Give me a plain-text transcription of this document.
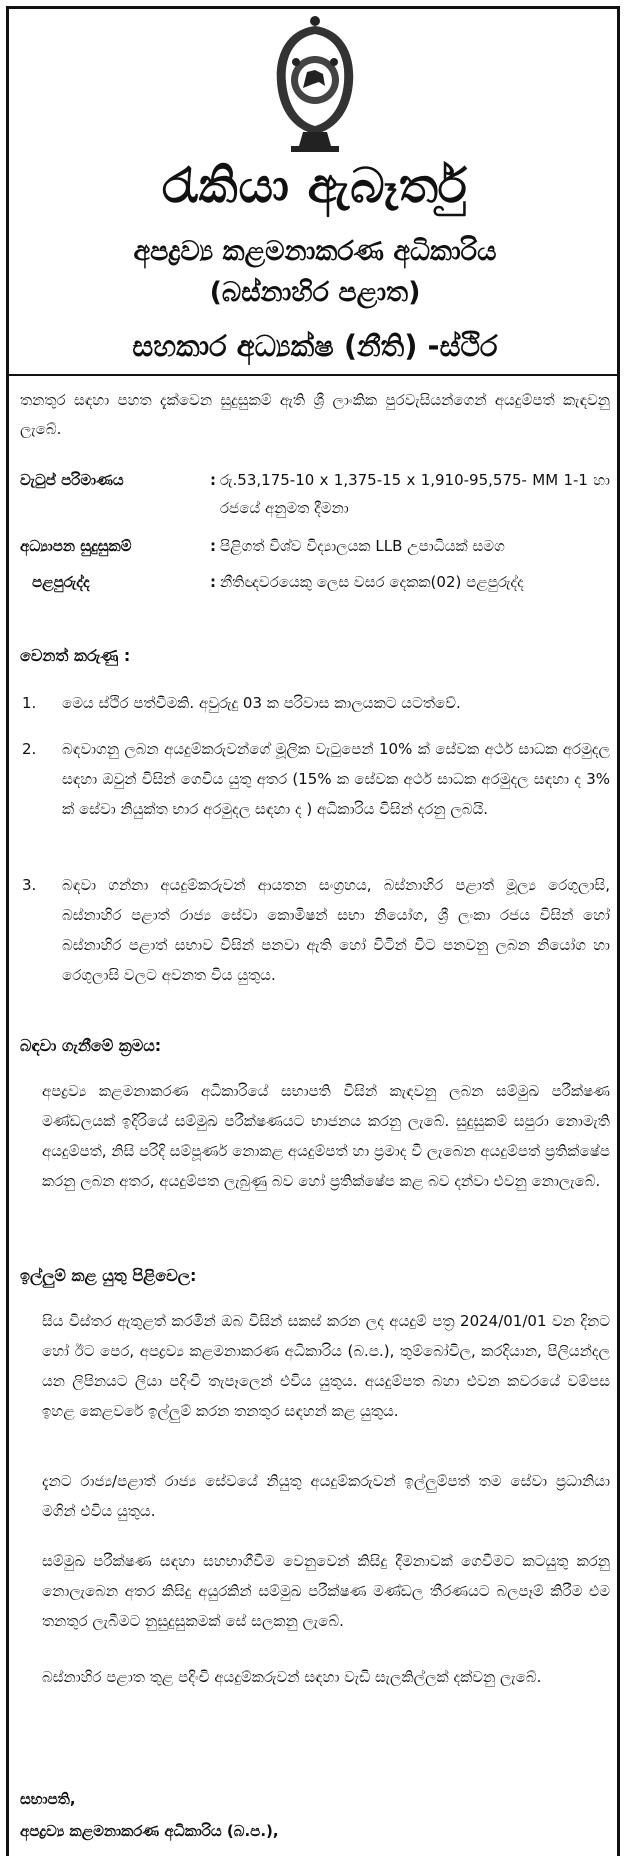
රැකියා ඇබෑර්තු
අපද්‍රව්‍ය කළමනාකරණ අධිකාරිය
(බස්නාහිර පළාත)
සහකාර අධ්‍යක්ෂ (නීති) -ස්ථිර
තනතුර සඳහා පහත දැක්වෙන සුදුසුකම් ඇති ශ්‍රී ලාංකික පුරවැසියන්ගෙන් අයදුම්පත් කැඳවනු ලැබේ.
වැටුප් පරිමාණය	: රු.53,175-10 x 1,375-15 x 1,910-95,575- MM 1-1 හා රජයේ අනුමත දීමනා
අධ්‍යාපන සුදුසුකම්	: පිළිගත් විශ්ව විද්‍යාලයක LLB උපාධියක් සමග
පළපුරුද්ද	: නීතිඥවරයෙකු ලෙස වසර දෙකක(02) පළපුරුද්ද
වෙනත් කරුණු :
1. මෙය ස්ථිර පත්වීමකි. අවුරුදු 03 ක පරිවාස කාලයකට යටත්වේ.
2. බඳවාගනු ලබන අයදුම්කරුවන්ගේ මූලික වැටුපෙන් 10% ක් සේවක අර්ථ සාධක අරමුදල සඳහා ඔවුන් විසින් ගෙවිය යුතු අතර (15% ක සේවක අර්ථ සාධක අරමුදල සඳහා ද 3% ක් සේවා නියුක්ත භාර අරමුදල සඳහා ද ) අධිකාරිය විසින් දරනු ලබයි.
3. බඳවා ගන්නා අයදුම්කරුවන් ආයතන සංග්‍රහය, බස්නාහිර පළාත් මූල්‍ය රෙගුලාසි, බස්නාහිර පළාත් රාජ්‍ය සේවා කොමිෂන් සභා නියෝග, ශ්‍රී ලංකා රජය විසින් හෝ බස්නාහිර පළාත් සභාව විසින් පනවා ඇති හෝ විටින් විට පනවනු ලබන නියෝග හා රෙගුලාසි වලට අවනත විය යුතුය.
බඳවා ගැනීමේ ක්‍රමය:
අපද්‍රව්‍ය කළමනාකරණ අධිකාරියේ සභාපති විසින් කැඳවනු ලබන සම්මුඛ පරීක්ෂණ මණ්ඩලයක් ඉදිරියේ සම්මුඛ පරීක්ෂණයට භාජනය කරනු ලැබේ. සුදුසුකම් සපුරා නොමැති අයදුම්පත්, නිසි පරිදි සම්පූර්ණ නොකළ අයදුම්පත් හා ප්‍රමාද වී ලැබෙන අයදුම්පත් ප්‍රතික්ෂේප කරනු ලබන අතර, අයදුම්පත ලැබුණු බව හෝ ප්‍රතික්ෂේප කළ බව දන්වා එවනු නොලැබේ.
ඉල්ලුම් කළ යුතු පිළිවෙල:
සිය විස්තර ඇතුළත් කරමින් ඔබ විසින් සකස් කරන ලද අයදුම් පත්‍ර 2024/01/01 වන දිනට හෝ ඊට පෙර, අපද්‍රව්‍ය කළමනාකරණ අධිකාරිය (බ.ප.), තුම්බෝවිල, කරදියාන, පිලියන්දල යන ලිපිනයට ලියා පදිංචි තැපෑලෙන් එවිය යුතුය. අයදුම්පත බහා එවන කවරයේ වම්පස ඉහළ කෙළවරේ ඉල්ලුම් කරන තනතුර සඳහන් කළ යුතුය.
දැනට රාජ්‍ය/පළාත් රාජ්‍ය සේවයේ නියුතු අයදුම්කරුවන් ඉල්ලුම්පත් තම සේවා ප්‍රධානියා මගින් එවිය යුතුය.
සම්මුඛ පරීක්ෂණ සඳහා සහභාගීවීම වෙනුවෙන් කිසිදු දීමනාවක් ගෙවීමට කටයුතු කරනු නොලැබෙන අතර කිසිදු අයුරකින් සම්මුඛ පරීක්ෂණ මණ්ඩල තීරණයට බලපෑම් කිරීම එම තනතුර ලැබීමට නුසුදුසුකමක් සේ සලකනු ලැබේ.
බස්නාහිර පළාත තුළ පදිංචි අයදුම්කරුවන් සඳහා වැඩි සැලකිල්ලක් දක්වනු ලැබේ.
සභාපති,
අපද්‍රව්‍ය කළමනාකරණ අධිකාරිය (බ.ප.),
